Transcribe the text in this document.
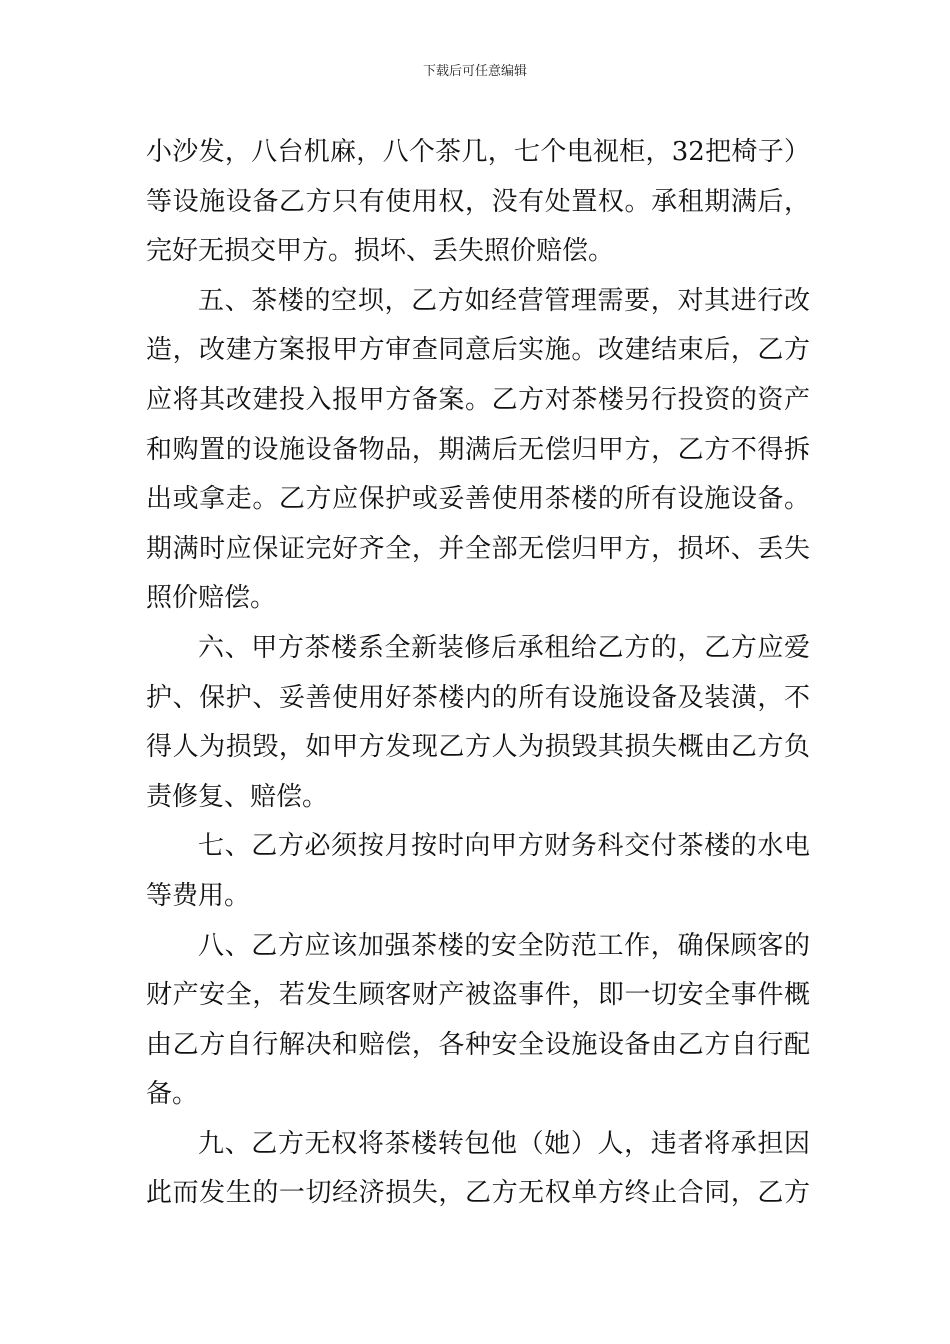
下载后可任意编辑
小沙发，八台机麻，八个茶几，七个电视柜，32把椅子）
等设施设备乙方只有使用权，没有处置权。承租期满后，
完好无损交甲方。损坏、丢失照价赔偿。
五、茶楼的空坝，乙方如经营管理需要，对其进行改
造，改建方案报甲方审查同意后实施。改建结束后，乙方
应将其改建投入报甲方备案。乙方对茶楼另行投资的资产
和购置的设施设备物品，期满后无偿归甲方，乙方不得拆
出或拿走。乙方应保护或妥善使用茶楼的所有设施设备。
期满时应保证完好齐全，并全部无偿归甲方，损坏、丢失
照价赔偿。
六、甲方茶楼系全新装修后承租给乙方的，乙方应爱
护、保护、妥善使用好茶楼内的所有设施设备及装潢，不
得人为损毁，如甲方发现乙方人为损毁其损失概由乙方负
责修复、赔偿。
七、乙方必须按月按时向甲方财务科交付茶楼的水电
等费用。
八、乙方应该加强茶楼的安全防范工作，确保顾客的
财产安全，若发生顾客财产被盗事件，即一切安全事件概
由乙方自行解决和赔偿，各种安全设施设备由乙方自行配
备。
九、乙方无权将茶楼转包他（她）人，违者将承担因
此而发生的一切经济损失，乙方无权单方终止合同，乙方
